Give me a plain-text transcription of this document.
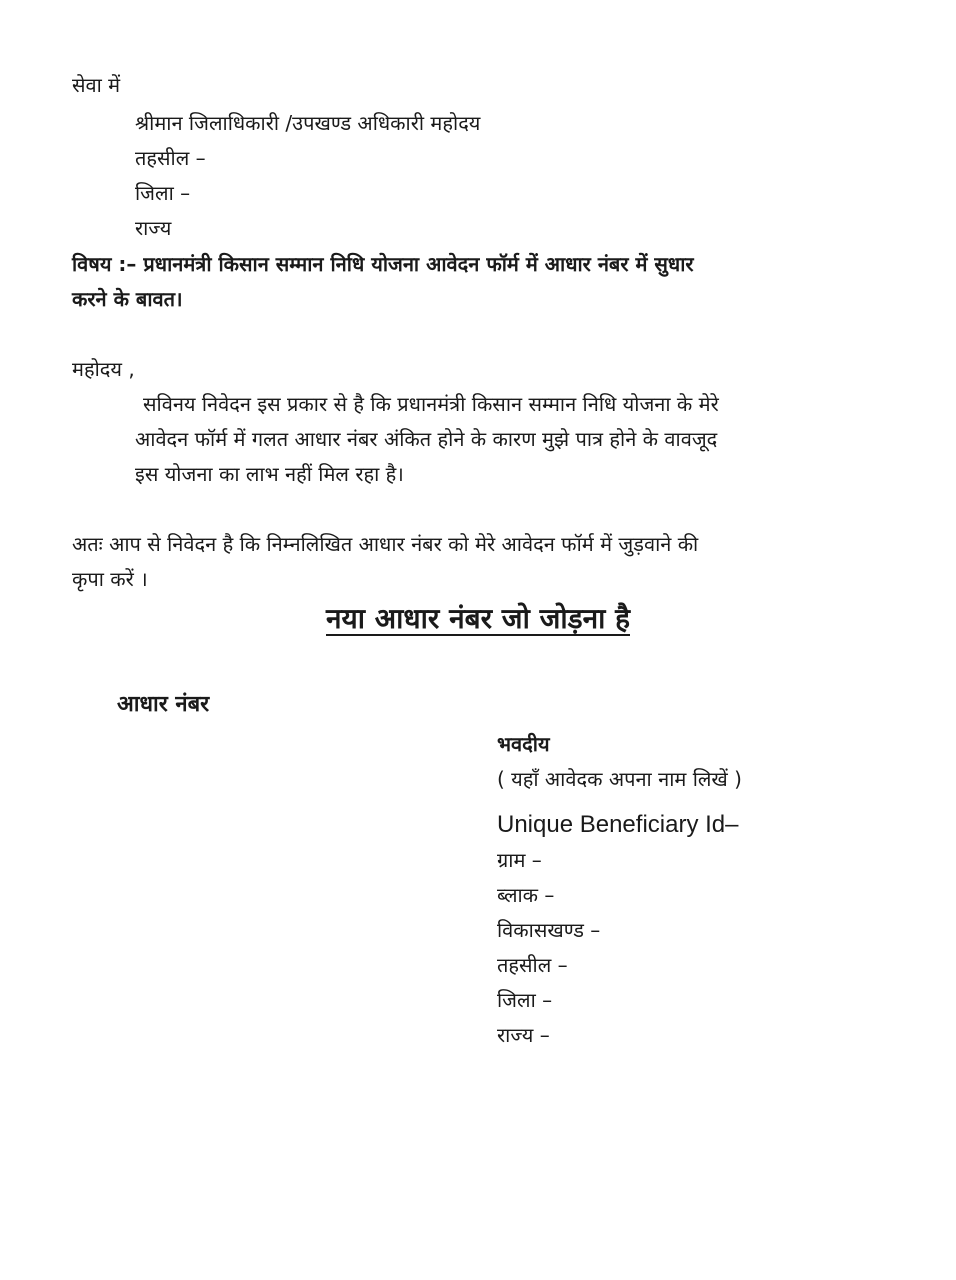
सेवा में
श्रीमान जिलाधिकारी /उपखण्ड अधिकारी महोदय
तहसील –
जिला –
राज्य
विषय :– प्रधानमंत्री किसान सम्मान निधि योजना आवेदन फॉर्म में आधार नंबर में सुधार
करने के बावत।
महोदय ,
सविनय निवेदन इस प्रकार से है कि प्रधानमंत्री किसान सम्मान निधि योजना के मेरे
आवेदन फॉर्म में गलत आधार नंबर अंकित होने के कारण मुझे पात्र होने के वावजूद
इस योजना का लाभ नहीं मिल रहा है।
अतः आप से निवेदन है कि निम्नलिखित आधार नंबर को मेरे आवेदन फॉर्म में जुड़वाने की
कृपा करें ।
नया आधार नंबर जो जोड़ना है
आधार नंबर
भवदीय
( यहाँ आवेदक अपना नाम लिखें )
Unique Beneficiary Id–
ग्राम –
ब्लाक –
विकासखण्ड –
तहसील –
जिला –
राज्य –
